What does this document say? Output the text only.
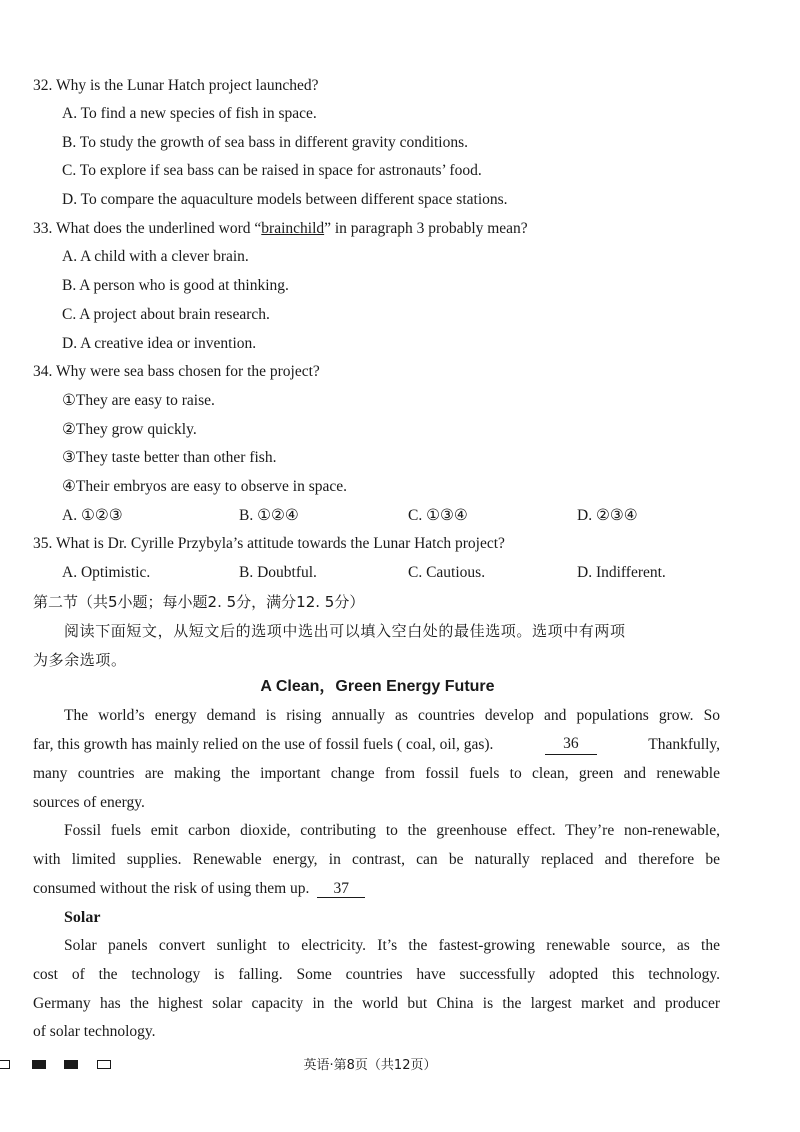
32. Why is the Lunar Hatch project launched?
A. To find a new species of fish in space.
B. To study the growth of sea bass in different gravity conditions.
C. To explore if sea bass can be raised in space for astronauts’ food.
D. To compare the aquaculture models between different space stations.
33. What does the underlined word “brainchild” in paragraph 3 probably mean?
A. A child with a clever brain.
B. A person who is good at thinking.
C. A project about brain research.
D. A creative idea or invention.
34. Why were sea bass chosen for the project?
①They are easy to raise.
②They grow quickly.
③They taste better than other fish.
④Their embryos are easy to observe in space.
A. ①②③	B. ①②④	C. ①③④	D. ②③④
35. What is Dr. Cyrille Przybyla’s attitude towards the Lunar Hatch project?
A. Optimistic.	B. Doubtful.	C. Cautious.	D. Indifferent.
第二节（共5小题；每小题2. 5分，满分12. 5分）
阅读下面短文，从短文后的选项中选出可以填入空白处的最佳选项。选项中有两项
为多余选项。
A Clean，Green Energy Future
The world’s energy demand is rising annually as countries develop and populations grow. So
far, this growth has mainly relied on the use of fossil fuels ( coal, oil, gas).	36	Thankfully,
many countries are making the important change from fossil fuels to clean, green and renewable
sources of energy.
Fossil fuels emit carbon dioxide, contributing to the greenhouse effect. They’re non-renewable,
with limited supplies. Renewable energy, in contrast, can be naturally replaced and therefore be
consumed without the risk of using them up. 37
Solar
Solar panels convert sunlight to electricity. It’s the fastest-growing renewable source, as the
cost of the technology is falling. Some countries have successfully adopted this technology.
Germany has the highest solar capacity in the world but China is the largest market and producer
of solar technology.
英语·第8页（共12页）
